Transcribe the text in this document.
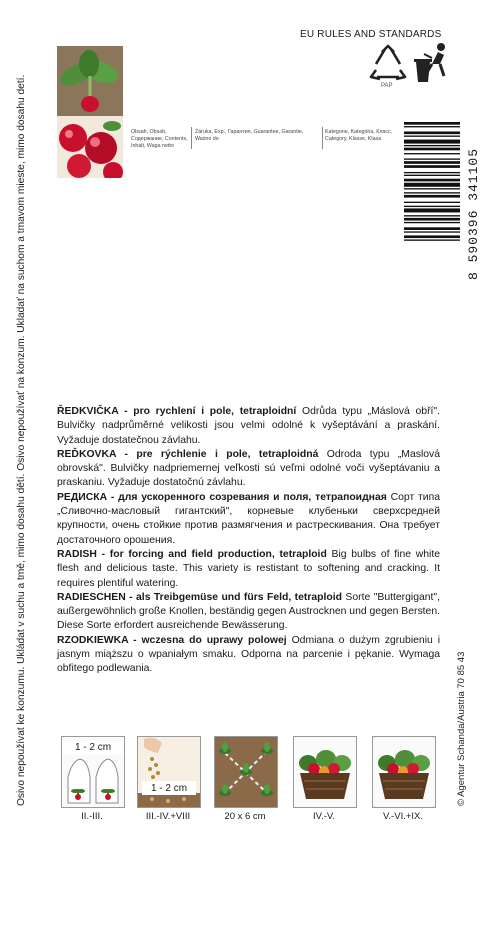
Osivo nepoužívat ke konzumu. Ukládat v suchu a tmě, mimo dosahu dětí. Osivo nepoužívať na konzum. Ukladať na suchom a tmavom mieste, mimo dosahu detí.	© Agentur Schanda/Austria 70 85 43
EU RULES AND STANDARDS
PAP
Obsah, Obsah, Содержание, Contents, Inhalt, Waga netto
Záruka, Exp., Гарантия, Guarantee, Garantie, Ważne do
Kategorie, Kategória, Класс, Category, Klasse, Klasa
8 590396 341105

ŘEDKVIČKA - pro rychlení i pole, tetraploidní Odrůda typu „Máslová obří". Bulvičky nadprůměrné velikosti jsou velmi odolné k vyšeptávání a praskání. Vyžaduje dostatečnou závlahu.

REĎKOVKA - pre rýchlenie i pole, tetraploidná Odroda typu „Maslová obrovská". Bulvičky nadpriemernej veľkosti sú veľmi odolné voči vyšeptávaniu a praskaniu. Vyžaduje dostatočnú závlahu.

РЕДИСКА - для ускоренного созревания и поля, тетрапоидная Сорт типа „Сливочно-масловый гигантский", корневые клубеньки сверхсредней крупности, очень стойкие против размягчения и растрескивания. Она требует достаточного орошения.

RADISH - for forcing and field production, tetraploid Big bulbs of fine white flesh and delicious taste. This variety is restistant to softening and cracking. It requires plentiful watering.

RADIESCHEN - als Treibgemüse und fürs Feld, tetraploid Sorte "Buttergigant", außergewöhnlich große Knollen, beständig gegen Austrocknen und gegen Bersten. Diese Sorte erfordert ausreichende Bewässerung.

RZODKIEWKA - wczesna do uprawy polowej Odmiana o dużym zgrubieniu i jasnym miąższu o wpaniałym smaku. Odporna na parcenie i pękanie. Wymaga obfitego podlewania.

1 - 2 cm
1 - 2 cm
II.-III.	III.-IV.+VIII	20 x 6 cm	IV.-V.	V.-VI.+IX.
